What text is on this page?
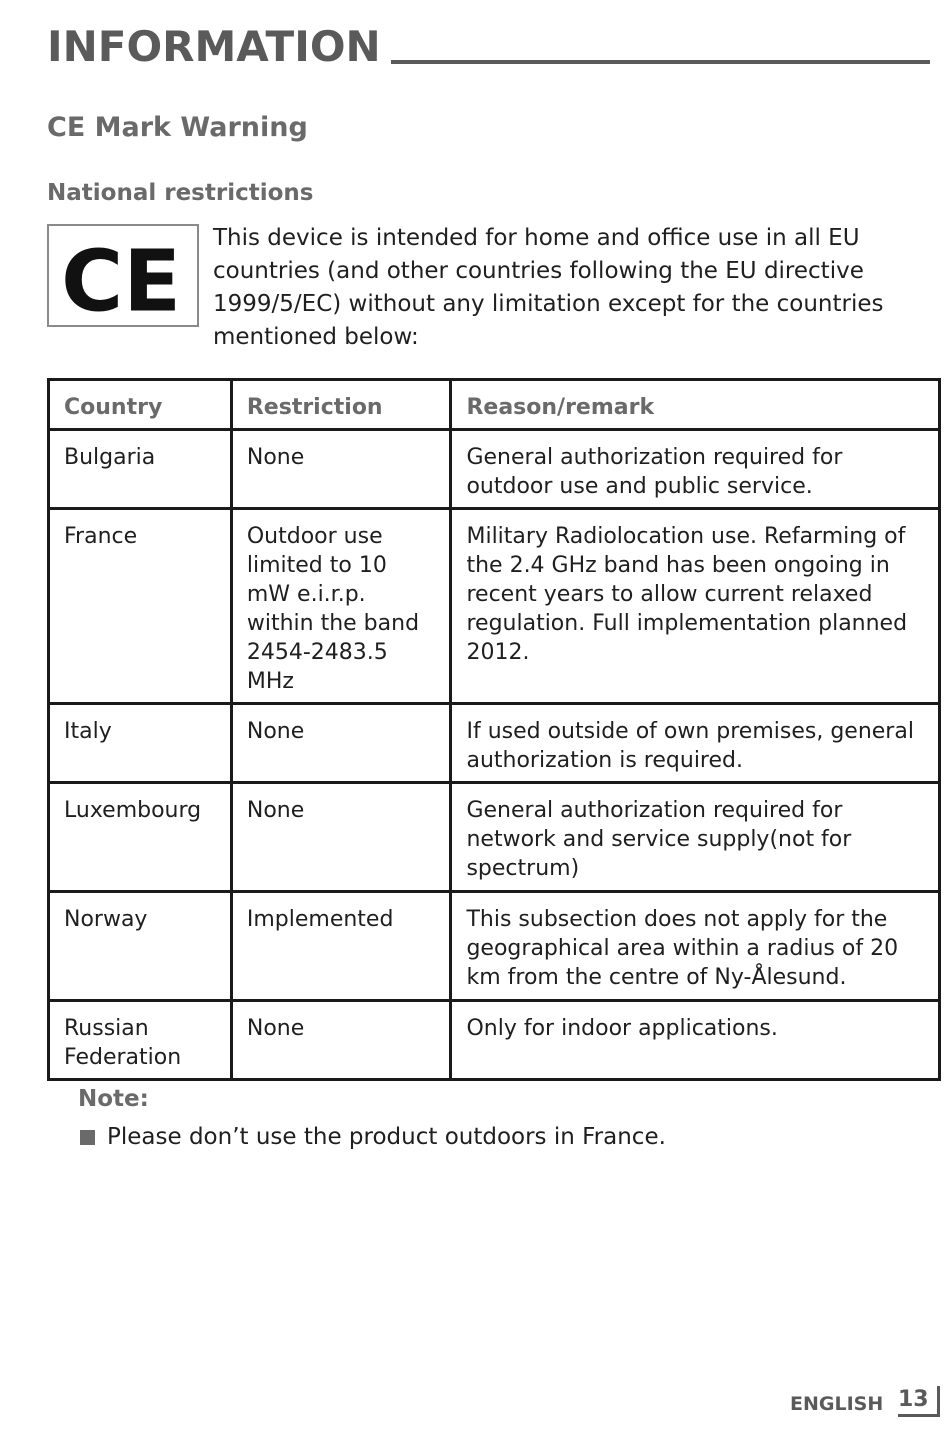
INFORMATION
CE Mark Warning
National restrictions
CE This device is intended for home and office use in all EU countries (and other countries following the EU directive 1999/5/EC) without any limitation except for the countries mentioned below:
Country	Restriction	Reason/remark
Bulgaria	None	General authorization required for outdoor use and public service.
France	Outdoor use limited to 10 mW e.i.r.p. within the band 2454-2483.5 MHz	Military Radiolocation use. Refarming of the 2.4 GHz band has been ongoing in recent years to allow current relaxed regulation. Full implementation planned 2012.
Italy	None	If used outside of own premises, general authorization is required.
Luxembourg	None	General authorization required for network and service supply(not for spectrum)
Norway	Implemented	This subsection does not apply for the geographical area within a radius of 20 km from the centre of Ny-Ålesund.
Russian Federation	None	Only for indoor applications.
Note:
Please don’t use the product outdoors in France.
ENGLISH 13
